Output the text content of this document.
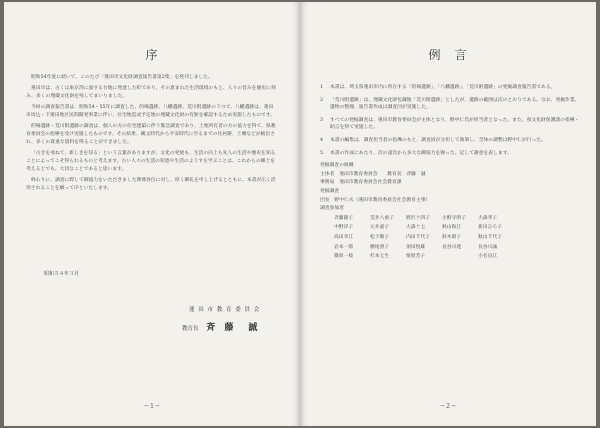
序

昭和54年度に続いて、このたび「蓮田市文化財調査報告書第2集」を発刊しました。

蓮田市は、古くは東京湾に面する台地に発達した町であり、その恵まれた生活環境のもと、人々の営みを歴史に刻み、多くの埋蔵文化財を残してまいりました。

今回の調査報告書は、昭和54・55年に調査した、的場遺跡、八幡遺跡、荒川附遺跡の３つで、八幡遺跡は、蓮田市馬込・下蓮田地区民間開発事業に伴い、住宅地造成予定地の埋蔵文化財の有無を確認するため実施したものです。

的場遺跡・荒川附遺跡の調査は、個人の方の住宅建築に伴う緊急調査であり、土地所有者の方の協力を得て、県教育委員会の指導を受け実施したものです。その結果、縄文時代から平安時代に至るまでの住居跡、土壙などが検出され、多くの貴重な資料を得ることができました。

「古きを尋ねて、新しきを知る」という言葉がありますが、文化の発展も、生活の向上も先人の生活や歴史を知ることによってこそ得られるものと考えます。古い人々の生活の知恵や生活のようすを学ぶことは、これからの郷土を考える上でも、大切なことであると思います。

終わりに、調査に際して御協力をいただきました関係各位に対し、厚く御礼を申し上げるとともに、本書が広く活用されることを願って序といたします。

昭和５４年３月
蓮 田 市 教 育 委 員 会
教育長 斉 藤　誠
─ 1 ─
例　言
1	本書は、埼玉県蓮田市内に所在する「的場遺跡」、「八幡遺跡」、「荒川附遺跡」の発掘調査報告書である。
2	「荒川附遺跡」は、埋蔵文化財包蔵地「荒川附遺跡」としたが、遺跡の範囲は次のとおりである。なお、発掘作業、遺物の整理、報告書作成は調査団が実施した。
3	すべての発掘調査は、蓮田市教育委員会が主体となり、野中仁氏が担当者となった。また、県文化財保護課の指導・助言を得て実施した。
4	本書の編集は、調査担当者の指導のもと、調査員が分担して執筆し、全体の調整は野中仁が行った。
5	本書の作成にあたり、次の諸氏から多大な御協力を賜った。記して謝意を表します。
発掘調査の組織
主体者　蓮田市教育委員会　　教育長　斉藤　誠
事務局　蓮田市教育委員会社会教育課
発掘調査
団長　野中仁夫（蓮田市教育委員会社会教育主事）
調査参加者
斉藤隆子	荒井八重子	野沢十四子	小野寺明子	大森孝子
中野洋子	元井嘉子	大森十七	秋山和江	新田ひろ子
高田幸江	松下敬子	内田千代子	鈴木昭子	秋山千代子
岩本一郎	横尾照子	須田悦雄	長谷川達	長谷川誠
篠原一枝	杉本七生	栗原芳子	小名良江
─ 2 ─
